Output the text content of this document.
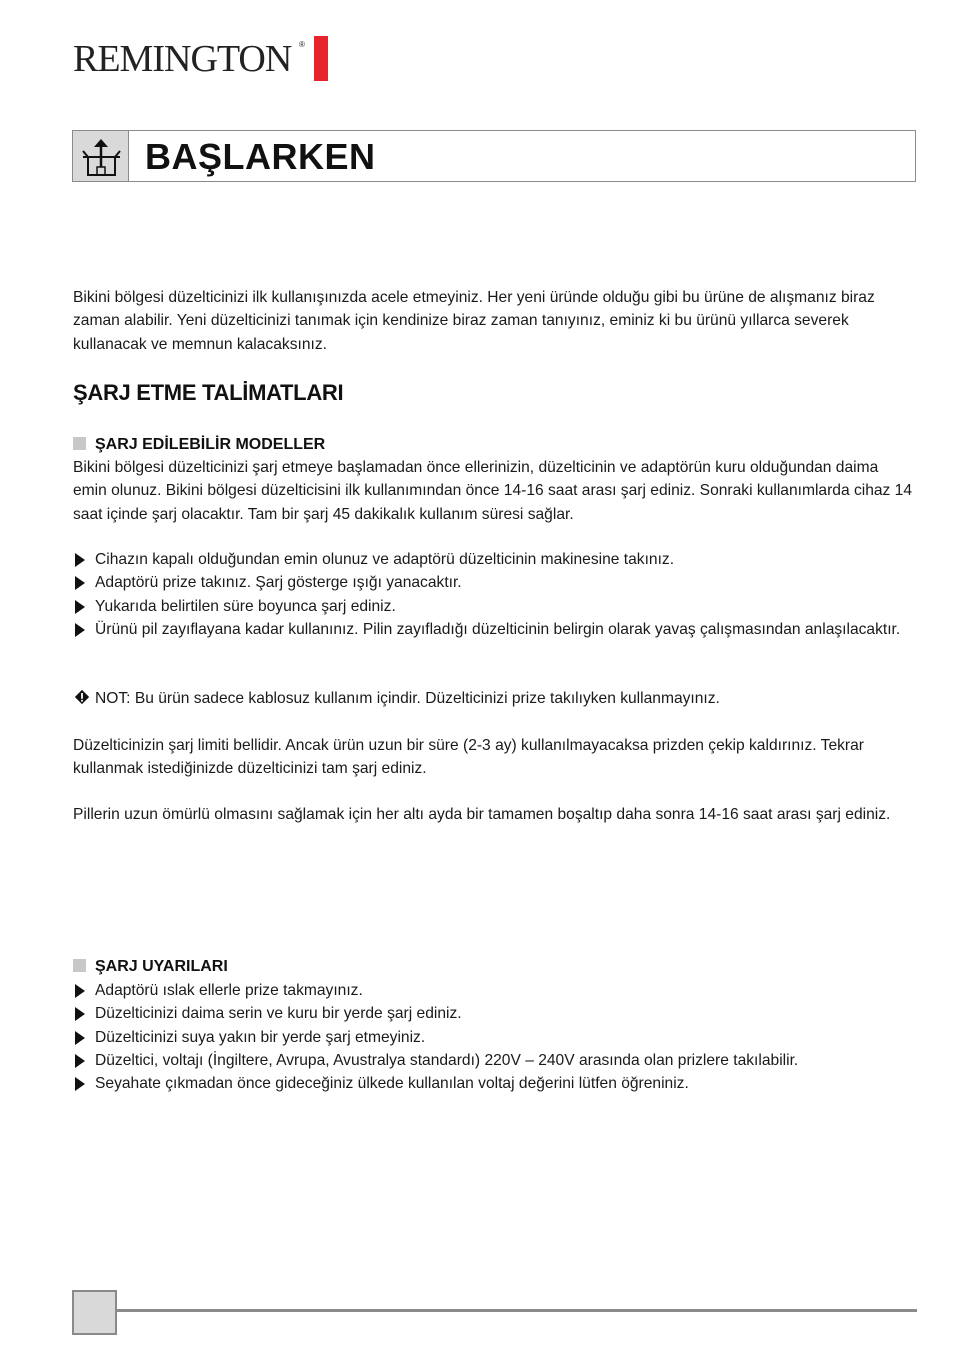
REMINGTON ®
BAŞLARKEN
Bikini bölgesi düzelticinizi ilk kullanışınızda acele etmeyiniz. Her yeni üründe olduğu gibi bu ürüne de alışmanız biraz zaman alabilir. Yeni düzelticinizi tanımak için kendinize biraz zaman tanıyınız, eminiz ki bu ürünü yıllarca severek kullanacak ve memnun kalacaksınız.
ŞARJ ETME TALİMATLARI
ŞARJ EDİLEBİLİR MODELLER
Bikini bölgesi düzelticinizi şarj etmeye başlamadan önce ellerinizin, düzelticinin ve adaptörün kuru olduğundan daima emin olunuz. Bikini bölgesi düzelticisini ilk kullanımından önce 14-16 saat arası şarj ediniz. Sonraki kullanımlarda cihaz 14 saat içinde şarj olacaktır. Tam bir şarj 45 dakikalık kullanım süresi sağlar.
Cihazın kapalı olduğundan emin olunuz ve adaptörü düzelticinin makinesine takınız.
Adaptörü prize takınız. Şarj gösterge ışığı yanacaktır.
Yukarıda belirtilen süre boyunca şarj ediniz.
Ürünü pil zayıflayana kadar kullanınız. Pilin zayıfladığı düzelticinin belirgin olarak yavaş çalışmasından anlaşılacaktır.
NOT: Bu ürün sadece kablosuz kullanım içindir. Düzelticinizi prize takılıyken kullanmayınız.
Düzelticinizin şarj limiti bellidir. Ancak ürün uzun bir süre (2-3 ay) kullanılmayacaksa prizden çekip kaldırınız. Tekrar kullanmak istediğinizde düzelticinizi tam şarj ediniz.
Pillerin uzun ömürlü olmasını sağlamak için her altı ayda bir tamamen boşaltıp daha sonra 14-16 saat arası şarj ediniz.
ŞARJ UYARILARI
Adaptörü ıslak ellerle prize takmayınız.
Düzelticinizi daima serin ve kuru bir yerde şarj ediniz.
Düzelticinizi suya yakın bir yerde şarj etmeyiniz.
Düzeltici, voltajı (İngiltere, Avrupa, Avustralya standardı) 220V – 240V arasında olan prizlere takılabilir.
Seyahate çıkmadan önce gideceğiniz ülkede kullanılan voltaj değerini lütfen öğreniniz.
